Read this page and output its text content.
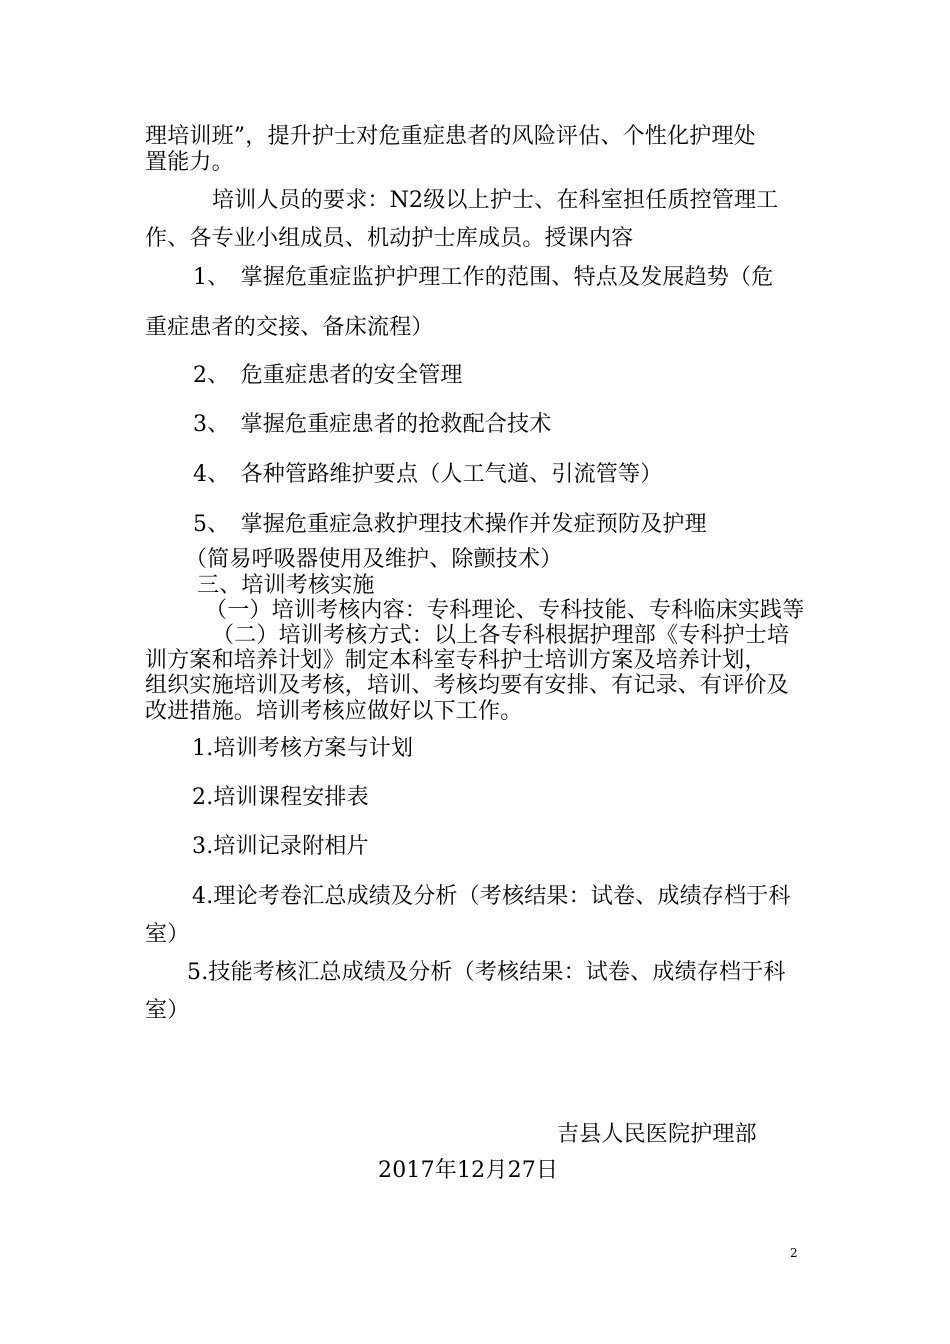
理培训班”，提升护士对危重症患者的风险评估、个性化护理处
置能力。
培训人员的要求：N2级以上护士、在科室担任质控管理工
作、各专业小组成员、机动护士库成员。授课内容
1、　掌握危重症监护护理工作的范围、特点及发展趋势（危
重症患者的交接、备床流程）
2、　危重症患者的安全管理
3、　掌握危重症患者的抢救配合技术
4、　各种管路维护要点（人工气道、引流管等）
5、　掌握危重症急救护理技术操作并发症预防及护理
（简易呼吸器使用及维护、除颤技术）
三、培训考核实施
（一）培训考核内容：专科理论、专科技能、专科临床实践等
（二）培训考核方式：以上各专科根据护理部《专科护士培
训方案和培养计划》制定本科室专科护士培训方案及培养计划，
组织实施培训及考核，培训、考核均要有安排、有记录、有评价及
改进措施。培训考核应做好以下工作。
1.培训考核方案与计划
2.培训课程安排表
3.培训记录附相片
4.理论考卷汇总成绩及分析（考核结果：试卷、成绩存档于科
室）
5.技能考核汇总成绩及分析（考核结果：试卷、成绩存档于科
室）
吉县人民医院护理部
2017年12月27日
2
